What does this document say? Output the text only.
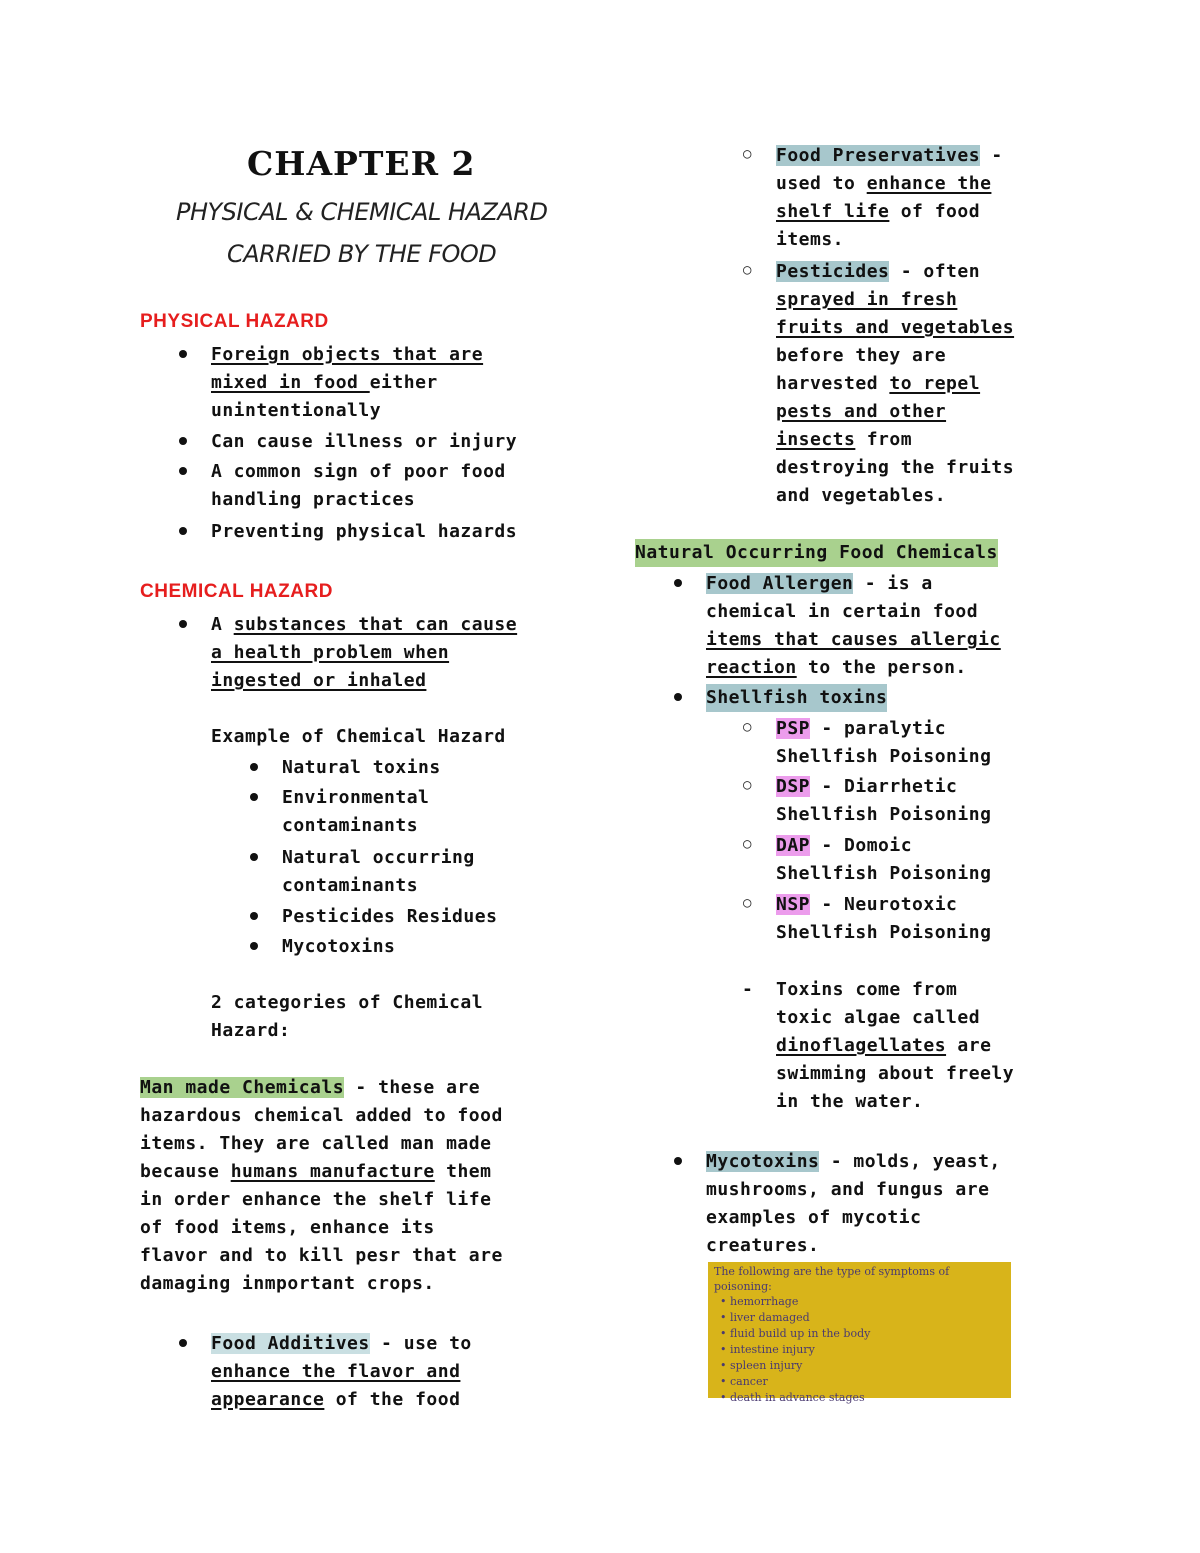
CHAPTER 2
PHYSICAL & CHEMICAL HAZARD
CARRIED BY THE FOOD
PHYSICAL HAZARD
Foreign objects that are
mixed in food either
unintentionally
Can cause illness or injury
A common sign of poor food
handling practices
Preventing physical hazards
CHEMICAL HAZARD
A substances that can cause
a health problem when
ingested or inhaled
Example of Chemical Hazard
Natural toxins
Environmental
contaminants
Natural occurring
contaminants
Pesticides Residues
Mycotoxins
2 categories of Chemical
Hazard:
Man made Chemicals - these are
hazardous chemical added to food
items. They are called man made
because humans manufacture them
in order enhance the shelf life
of food items, enhance its
flavor and to kill pesr that are
damaging inmportant crops.
Food Additives - use to
enhance the flavor and
appearance of the food
○ Food Preservatives -
used to enhance the
shelf life of food
items.
○ Pesticides - often
sprayed in fresh
fruits and vegetables
before they are
harvested to repel
pests and other
insects from
destroying the fruits
and vegetables.
Natural Occurring Food Chemicals
Food Allergen - is a
chemical in certain food
items that causes allergic
reaction to the person.
Shellfish toxins
○ PSP - paralytic
Shellfish Poisoning
○ DSP - Diarrhetic
Shellfish Poisoning
○ DAP - Domoic
Shellfish Poisoning
○ NSP - Neurotoxic
Shellfish Poisoning
- Toxins come from
toxic algae called
dinoflagellates are
swimming about freely
in the water.
Mycotoxins - molds, yeast,
mushrooms, and fungus are
examples of mycotic
creatures.
The following are the type of symptoms of poisoning:
• hemorrhage
• liver damaged
• fluid build up in the body
• intestine injury
• spleen injury
• cancer
• death in advance stages
